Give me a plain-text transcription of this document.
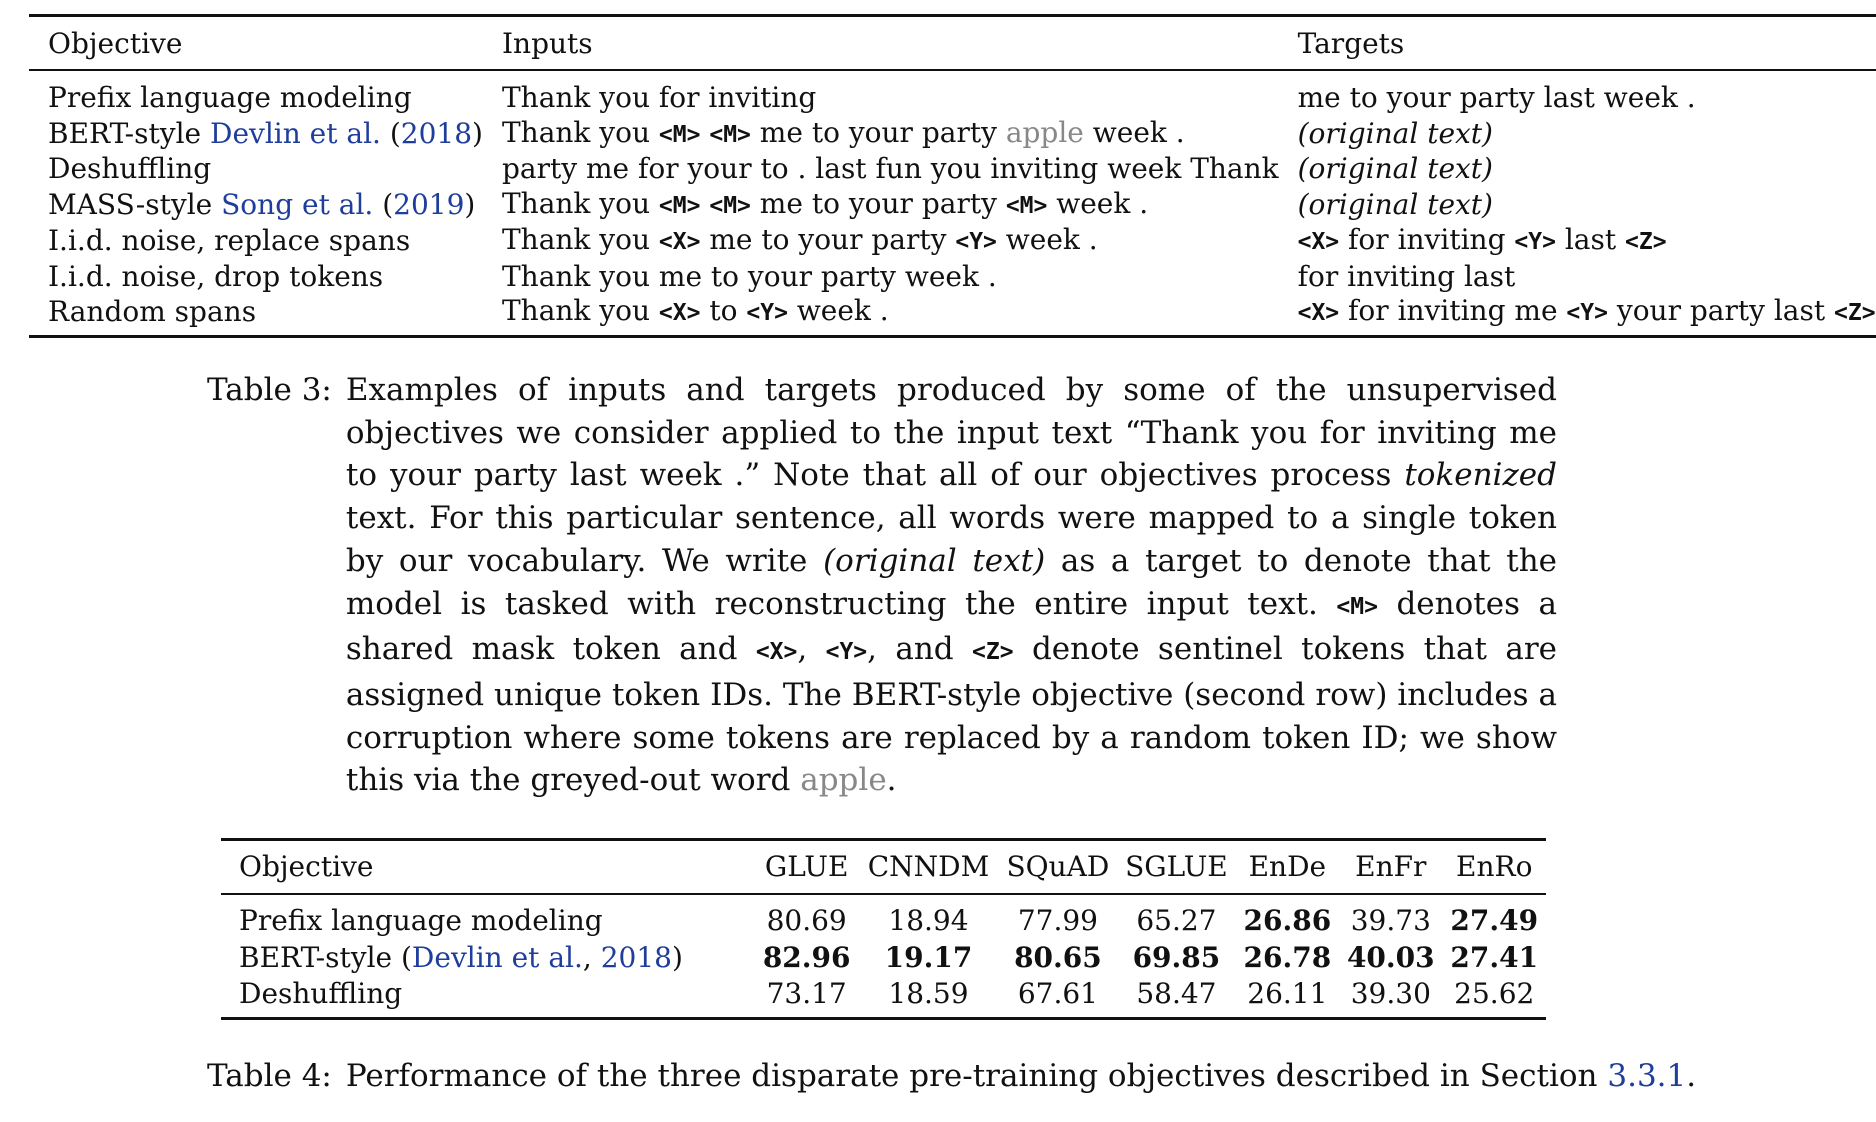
Objective	Inputs	Targets
Prefix language modeling	Thank you for inviting	me to your party last week .
BERT-style Devlin et al. (2018)	Thank you <M> <M> me to your party apple week .	(original text)
Deshuffling	party me for your to . last fun you inviting week Thank	(original text)
MASS-style Song et al. (2019)	Thank you <M> <M> me to your party <M> week .	(original text)
I.i.d. noise, replace spans	Thank you <X> me to your party <Y> week .	<X> for inviting <Y> last <Z>
I.i.d. noise, drop tokens	Thank you me to your party week .	for inviting last
Random spans	Thank you <X> to <Y> week .	<X> for inviting me <Y> your party last <Z>
Table 3: Examples of inputs and targets produced by some of the unsupervised objectives we consider applied to the input text “Thank you for inviting me to your party last week .” Note that all of our objectives process tokenized text. For this particular sentence, all words were mapped to a single token by our vocabulary. We write (original text) as a target to denote that the model is tasked with reconstructing the entire input text. <M> denotes a shared mask token and <X>, <Y>, and <Z> denote sentinel tokens that are assigned unique token IDs. The BERT-style objective (second row) includes a corruption where some tokens are replaced by a random token ID; we show this via the greyed-out word apple.
Objective	GLUE	CNNDM	SQuAD	SGLUE	EnDe	EnFr	EnRo
Prefix language modeling	80.69	18.94	77.99	65.27	26.86	39.73	27.49
BERT-style (Devlin et al., 2018)	82.96	19.17	80.65	69.85	26.78	40.03	27.41
Deshuffling	73.17	18.59	67.61	58.47	26.11	39.30	25.62
Table 4: Performance of the three disparate pre-training objectives described in Section 3.3.1.
